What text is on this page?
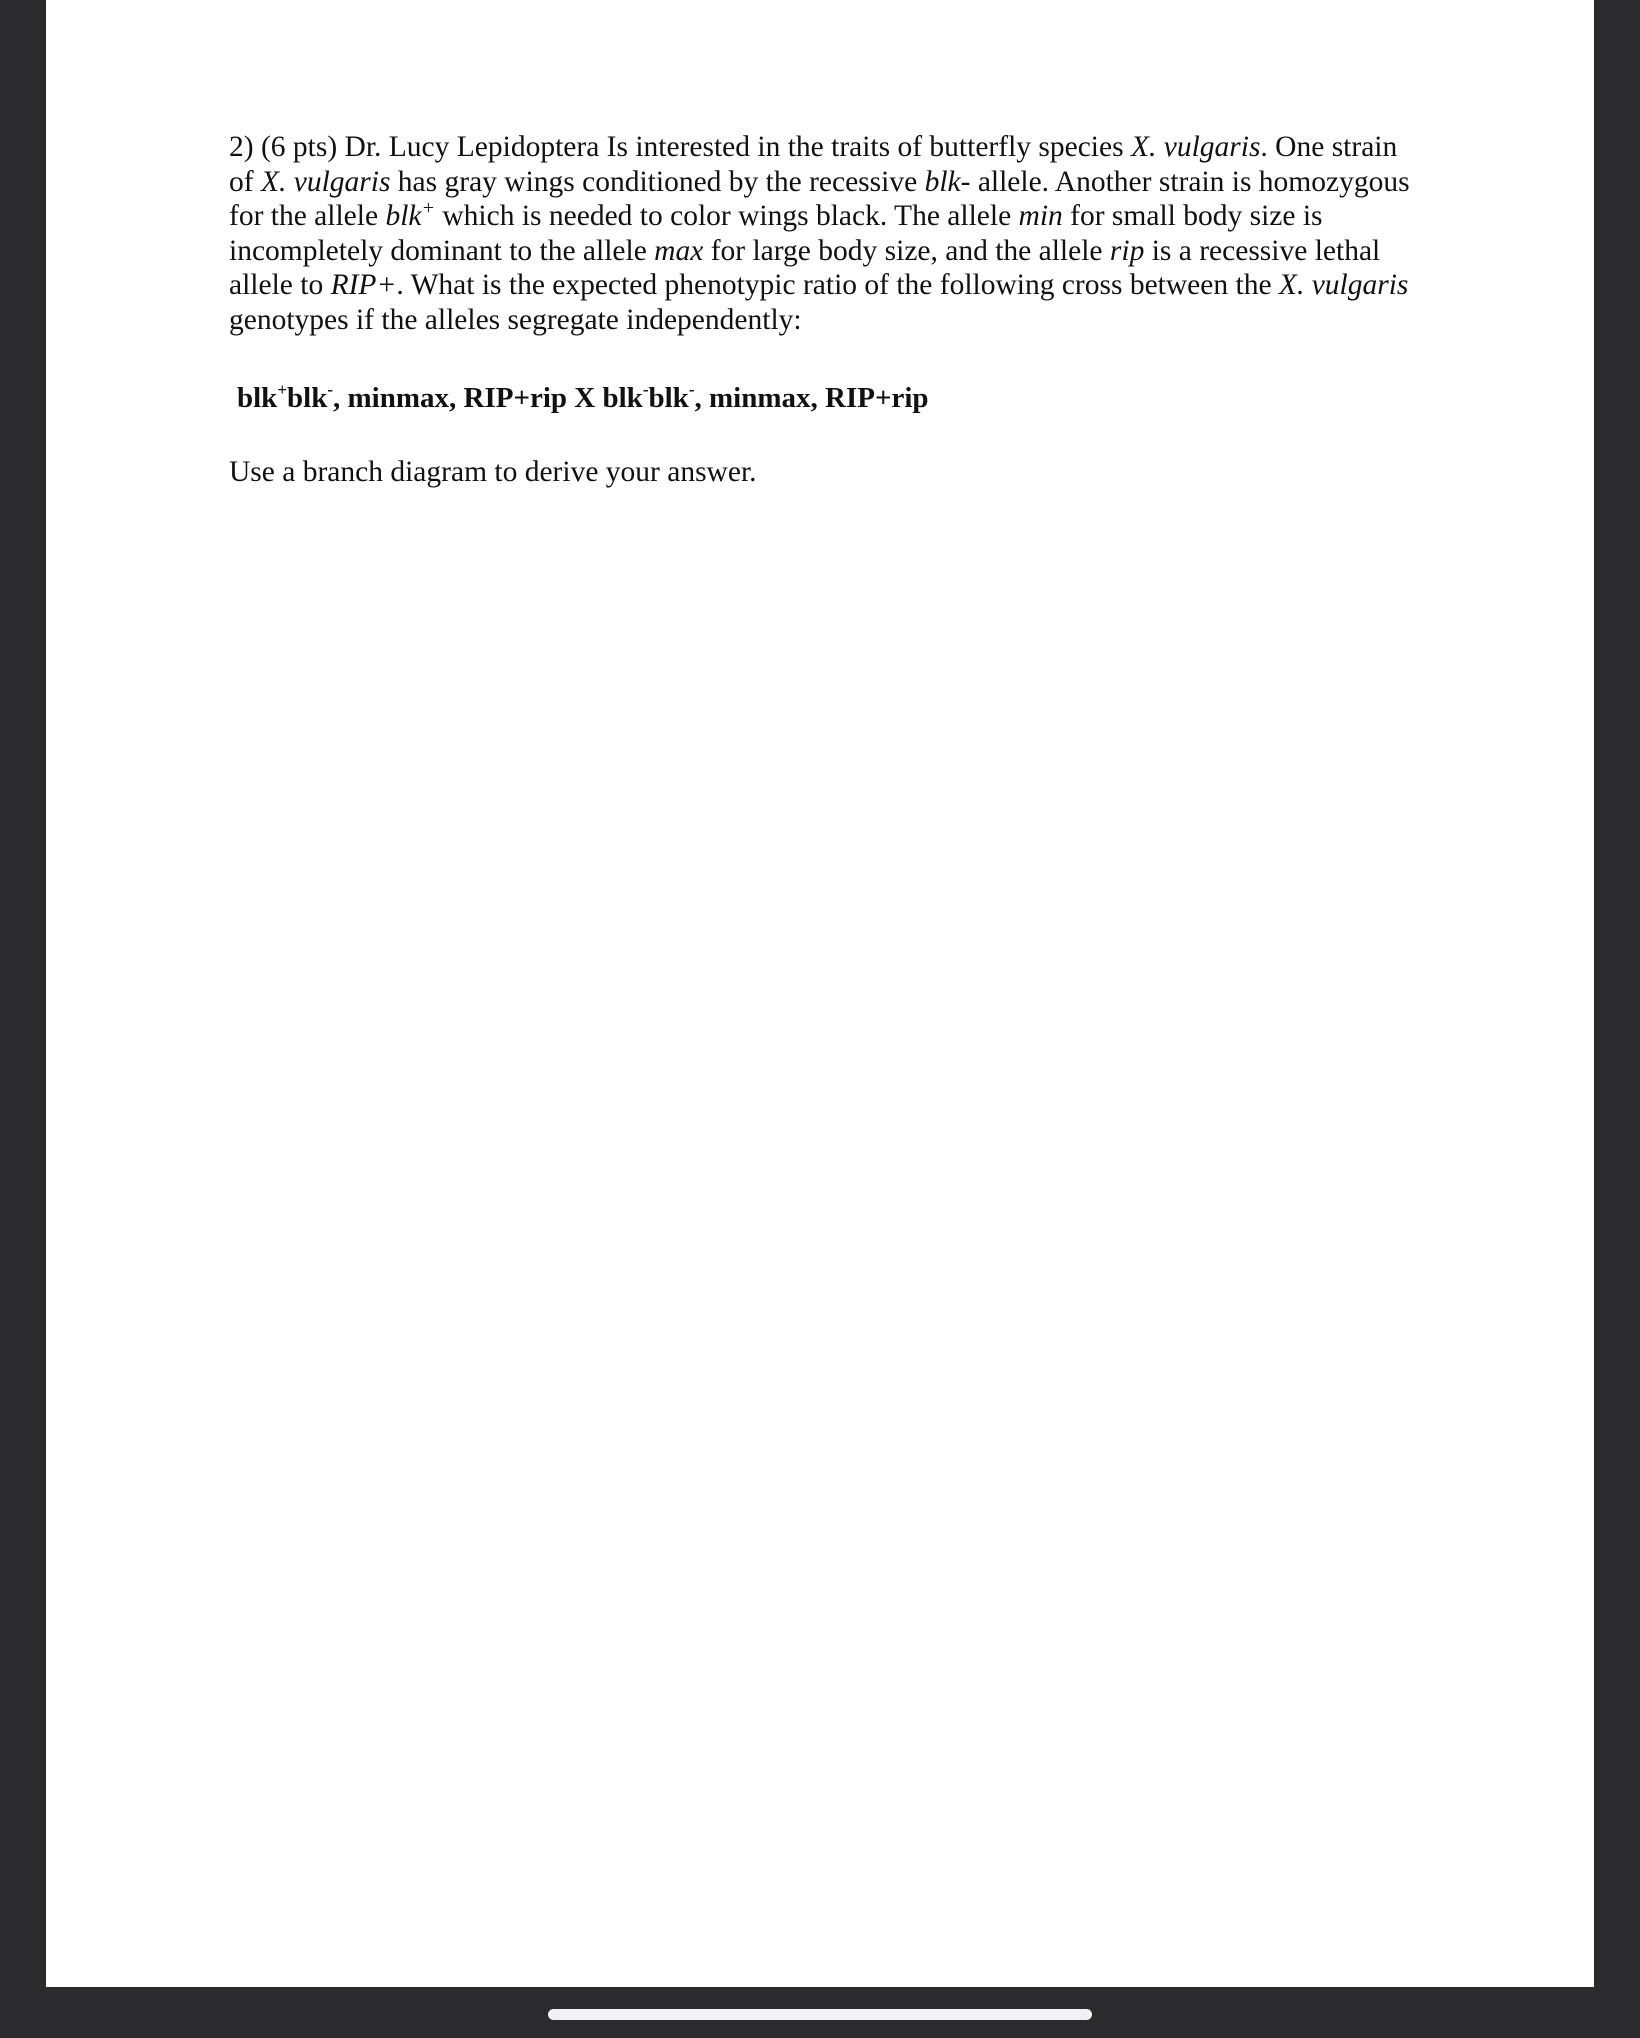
2) (6 pts) Dr. Lucy Lepidoptera Is interested in the traits of butterfly species X. vulgaris. One strain of X. vulgaris has gray wings conditioned by the recessive blk- allele. Another strain is homozygous for the allele blk+ which is needed to color wings black. The allele min for small body size is incompletely dominant to the allele max for large body size, and the allele rip is a recessive lethal allele to RIP+. What is the expected phenotypic ratio of the following cross between the X. vulgaris genotypes if the alleles segregate independently:

blk+blk-, minmax, RIP+rip X blk-blk-, minmax, RIP+rip

Use a branch diagram to derive your answer.
